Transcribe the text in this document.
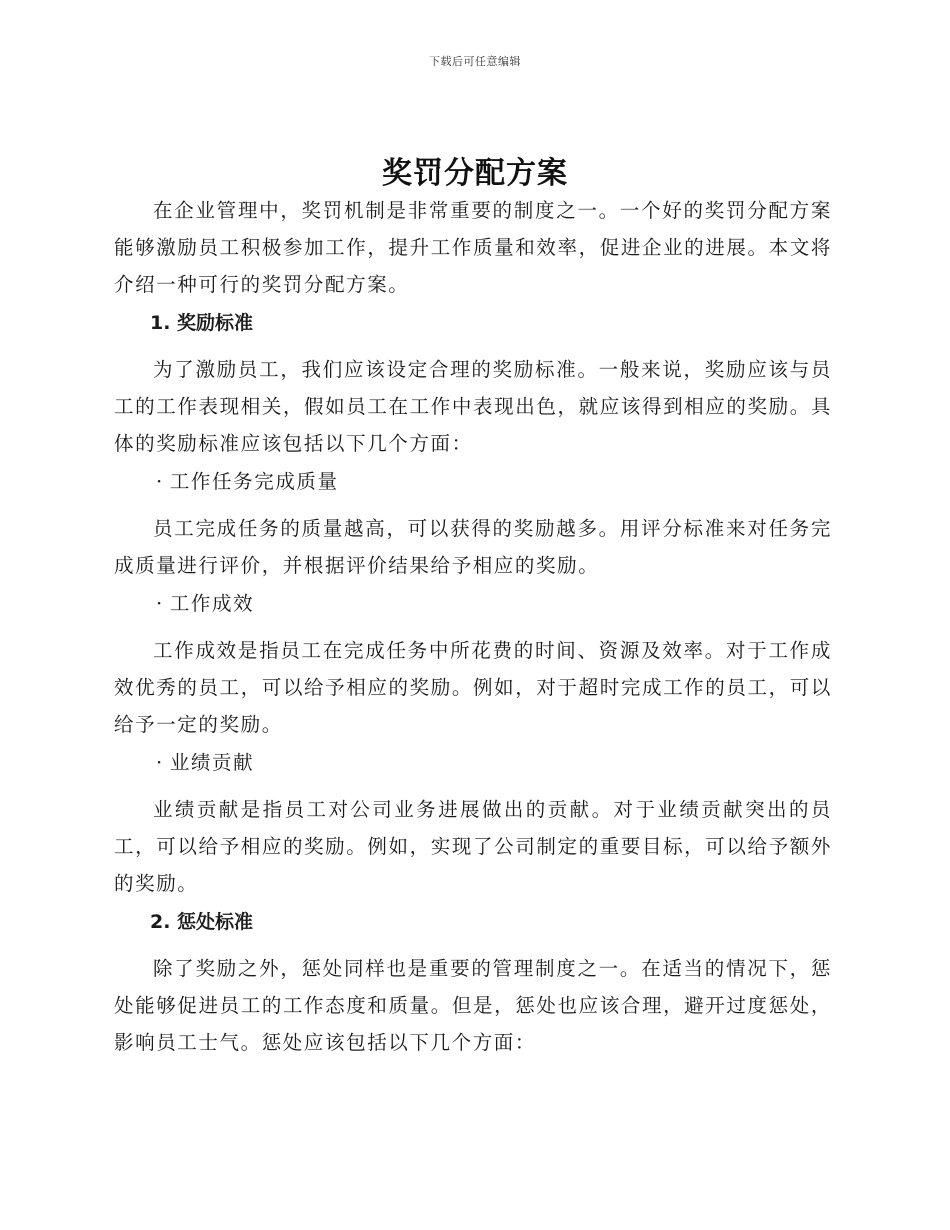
下载后可任意编辑
奖罚分配方案

在企业管理中，奖罚机制是非常重要的制度之一。一个好的奖罚分配方案能够激励员工积极参加工作，提升工作质量和效率，促进企业的进展。本文将介绍一种可行的奖罚分配方案。

1. 奖励标准

为了激励员工，我们应该设定合理的奖励标准。一般来说，奖励应该与员工的工作表现相关，假如员工在工作中表现出色，就应该得到相应的奖励。具体的奖励标准应该包括以下几个方面：

· 工作任务完成质量

员工完成任务的质量越高，可以获得的奖励越多。用评分标准来对任务完成质量进行评价，并根据评价结果给予相应的奖励。

· 工作成效

工作成效是指员工在完成任务中所花费的时间、资源及效率。对于工作成效优秀的员工，可以给予相应的奖励。例如，对于超时完成工作的员工，可以给予一定的奖励。

· 业绩贡献

业绩贡献是指员工对公司业务进展做出的贡献。对于业绩贡献突出的员工，可以给予相应的奖励。例如，实现了公司制定的重要目标，可以给予额外的奖励。

2. 惩处标准

除了奖励之外，惩处同样也是重要的管理制度之一。在适当的情况下，惩处能够促进员工的工作态度和质量。但是，惩处也应该合理，避开过度惩处，影响员工士气。惩处应该包括以下几个方面：
